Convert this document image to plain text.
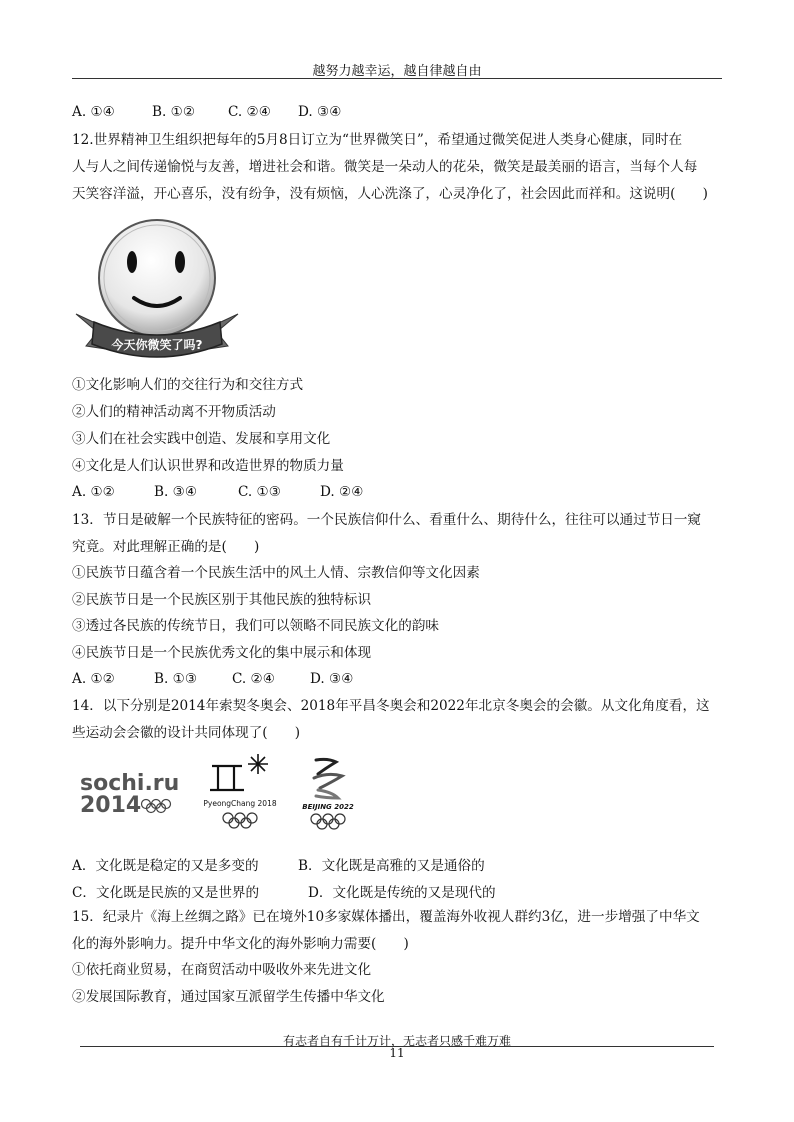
越努力越幸运，越自律越自由
A. ①④	B. ①② C. ②④ D. ③④
12.世界精神卫生组织把每年的5月8日订立为“世界微笑日”，希望通过微笑促进人类身心健康，同时在
人与人之间传递愉悦与友善，增进社会和谐。微笑是一朵动人的花朵，微笑是最美丽的语言，当每个人每
天笑容洋溢，开心喜乐，没有纷争，没有烦恼，人心洗涤了，心灵净化了，社会因此而祥和。这说明(　　)
今天你微笑了吗?
①文化影响人们的交往行为和交往方式
②人们的精神活动离不开物质活动
③人们在社会实践中创造、发展和享用文化
④文化是人们认识世界和改造世界的物质力量
A. ①②	B. ③④	C. ①③	D. ②④
13．节日是破解一个民族特征的密码。一个民族信仰什么、看重什么、期待什么，往往可以通过节日一窥
究竟。对此理解正确的是(　　)
①民族节日蕴含着一个民族生活中的风土人情、宗教信仰等文化因素
②民族节日是一个民族区别于其他民族的独特标识
③透过各民族的传统节日，我们可以领略不同民族文化的韵味
④民族节日是一个民族优秀文化的集中展示和体现
A. ①②	B. ①③	C. ②④	D. ③④
14．以下分别是2014年索契冬奥会、2018年平昌冬奥会和2022年北京冬奥会的会徽。从文化角度看，这
些运动会会徽的设计共同体现了(　　)
sochi.ru
2014	PyeongChang 2018	BEIJING 2022
A．文化既是稳定的又是多变的	B．文化既是高雅的又是通俗的
C．文化既是民族的又是世界的	D．文化既是传统的又是现代的
15．纪录片《海上丝绸之路》已在境外10多家媒体播出，覆盖海外收视人群约3亿，进一步增强了中华文
化的海外影响力。提升中华文化的海外影响力需要(　　)
①依托商业贸易，在商贸活动中吸收外来先进文化
②发展国际教育，通过国家互派留学生传播中华文化
有志者自有千计万计，无志者只感千难万难
11
